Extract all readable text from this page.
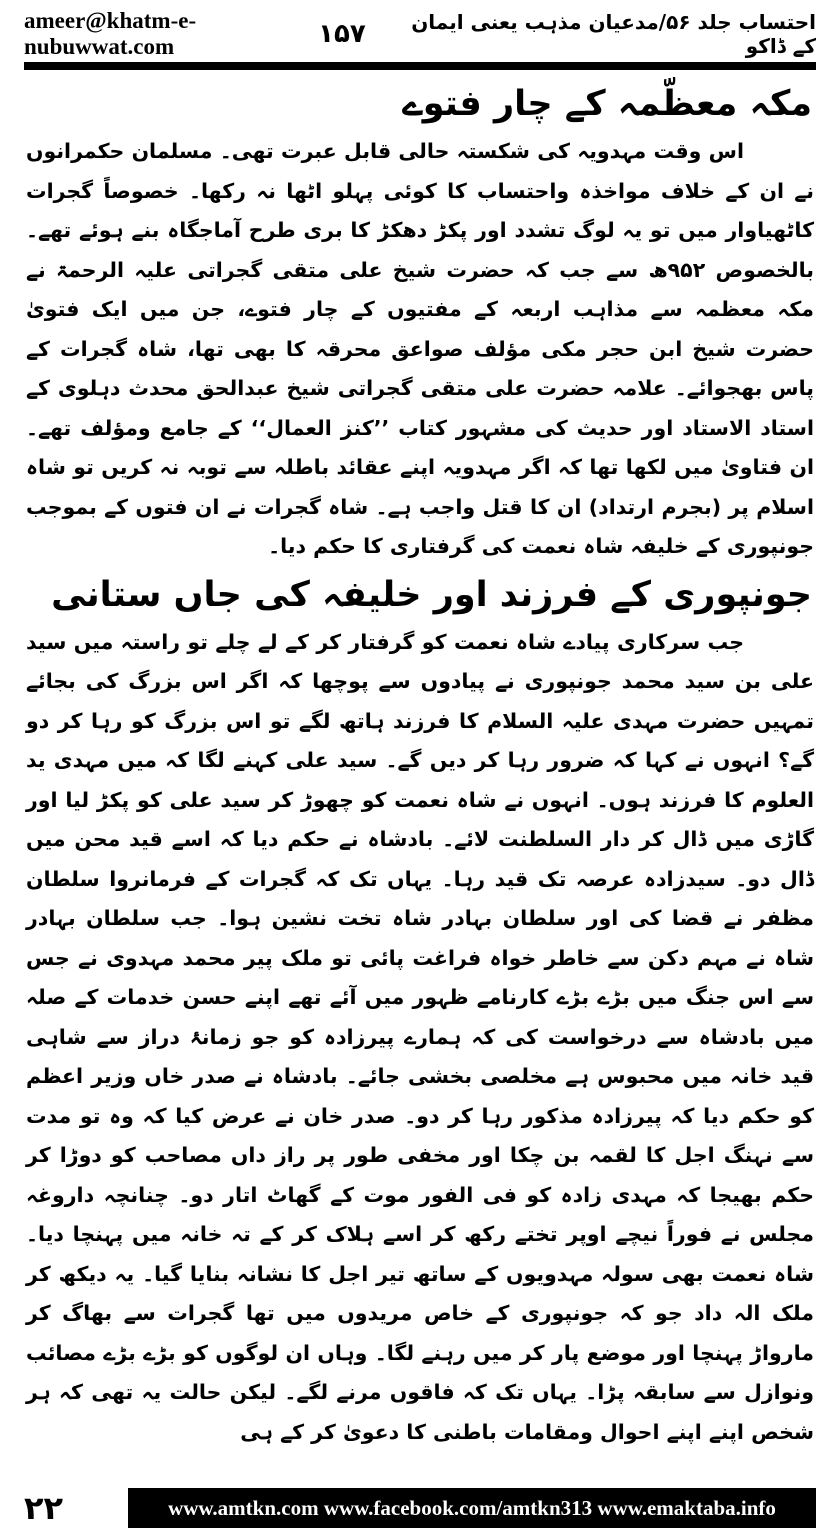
ameer@khatm-e-nubuwwat.com
احتساب جلد ۵۶/مدعیان مذہب یعنی ایمان کے ڈاکو
۱۵۷
مکہ معظّمہ کے چار فتوے

اس وقت مہدویہ کی شکستہ حالی قابل عبرت تھی۔ مسلمان حکمرانوں نے ان کے خلاف مواخذہ واحتساب کا کوئی پہلو اٹھا نہ رکھا۔ خصوصاً گجرات کاٹھیاوار میں تو یہ لوگ تشدد اور پکڑ دھکڑ کا بری طرح آماجگاہ بنے ہوئے تھے۔ بالخصوص ۹۵۲ھ سے جب کہ حضرت شیخ علی متقی گجراتی علیہ الرحمۃ نے مکہ معظمہ سے مذاہب اربعہ کے مفتیوں کے چار فتوے، جن میں ایک فتویٰ حضرت شیخ ابن حجر مکی مؤلف صواعق محرقہ کا بھی تھا، شاہ گجرات کے پاس بھجوائے۔ علامہ حضرت علی متقی گجراتی شیخ عبدالحق محدث دہلوی کے استاد الاستاد اور حدیث کی مشہور کتاب ’’کنز العمال‘‘ کے جامع ومؤلف تھے۔ ان فتاویٰ میں لکھا تھا کہ اگر مہدویہ اپنے عقائد باطلہ سے توبہ نہ کریں تو شاہ اسلام پر (بجرم ارتداد) ان کا قتل واجب ہے۔ شاہ گجرات نے ان فتوں کے بموجب جونپوری کے خلیفہ شاہ نعمت کی گرفتاری کا حکم دیا۔

جونپوری کے فرزند اور خلیفہ کی جاں ستانی

جب سرکاری پیادے شاہ نعمت کو گرفتار کر کے لے چلے تو راستہ میں سید علی بن سید محمد جونپوری نے پیادوں سے پوچھا کہ اگر اس بزرگ کی بجائے تمہیں حضرت مہدی علیہ السلام کا فرزند ہاتھ لگے تو اس بزرگ کو رہا کر دو گے؟ انہوں نے کہا کہ ضرور رہا کر دیں گے۔ سید علی کہنے لگا کہ میں مہدی ید العلوم کا فرزند ہوں۔ انہوں نے شاہ نعمت کو چھوڑ کر سید علی کو پکڑ لیا اور گاڑی میں ڈال کر دار السلطنت لائے۔ بادشاہ نے حکم دیا کہ اسے قید محن میں ڈال دو۔ سیدزادہ عرصہ تک قید رہا۔ یہاں تک کہ گجرات کے فرمانروا سلطان مظفر نے قضا کی اور سلطان بہادر شاہ تخت نشین ہوا۔ جب سلطان بہادر شاہ نے مہم دکن سے خاطر خواہ فراغت پائی تو ملک پیر محمد مہدوی نے جس سے اس جنگ میں بڑے بڑے کارنامے ظہور میں آئے تھے اپنے حسن خدمات کے صلہ میں بادشاہ سے درخواست کی کہ ہمارے پیرزادہ کو جو زمانۂ دراز سے شاہی قید خانہ میں محبوس ہے مخلصی بخشی جائے۔ بادشاہ نے صدر خاں وزیر اعظم کو حکم دیا کہ پیرزادہ مذکور رہا کر دو۔ صدر خان نے عرض کیا کہ وہ تو مدت سے نہنگ اجل کا لقمہ بن چکا اور مخفی طور پر راز داں مصاحب کو دوڑا کر حکم بھیجا کہ مہدی زادہ کو فی الفور موت کے گھاٹ اتار دو۔ چنانچہ داروغہ مجلس نے فوراً نیچے اوپر تختے رکھ کر اسے ہلاک کر کے تہ خانہ میں پہنچا دیا۔ شاہ نعمت بھی سولہ مہدویوں کے ساتھ تیر اجل کا نشانہ بنایا گیا۔ یہ دیکھ کر ملک الہ داد جو کہ جونپوری کے خاص مریدوں میں تھا گجرات سے بھاگ کر مارواڑ پہنچا اور موضع پار کر میں رہنے لگا۔ وہاں ان لوگوں کو بڑے بڑے مصائب ونوازل سے سابقہ پڑا۔ یہاں تک کہ فاقوں مرنے لگے۔ لیکن حالت یہ تھی کہ ہر شخص اپنے اپنے احوال ومقامات باطنی کا دعویٰ کر کے ہی

۲۲	www.amtkn.com www.facebook.com/amtkn313 www.emaktaba.info
